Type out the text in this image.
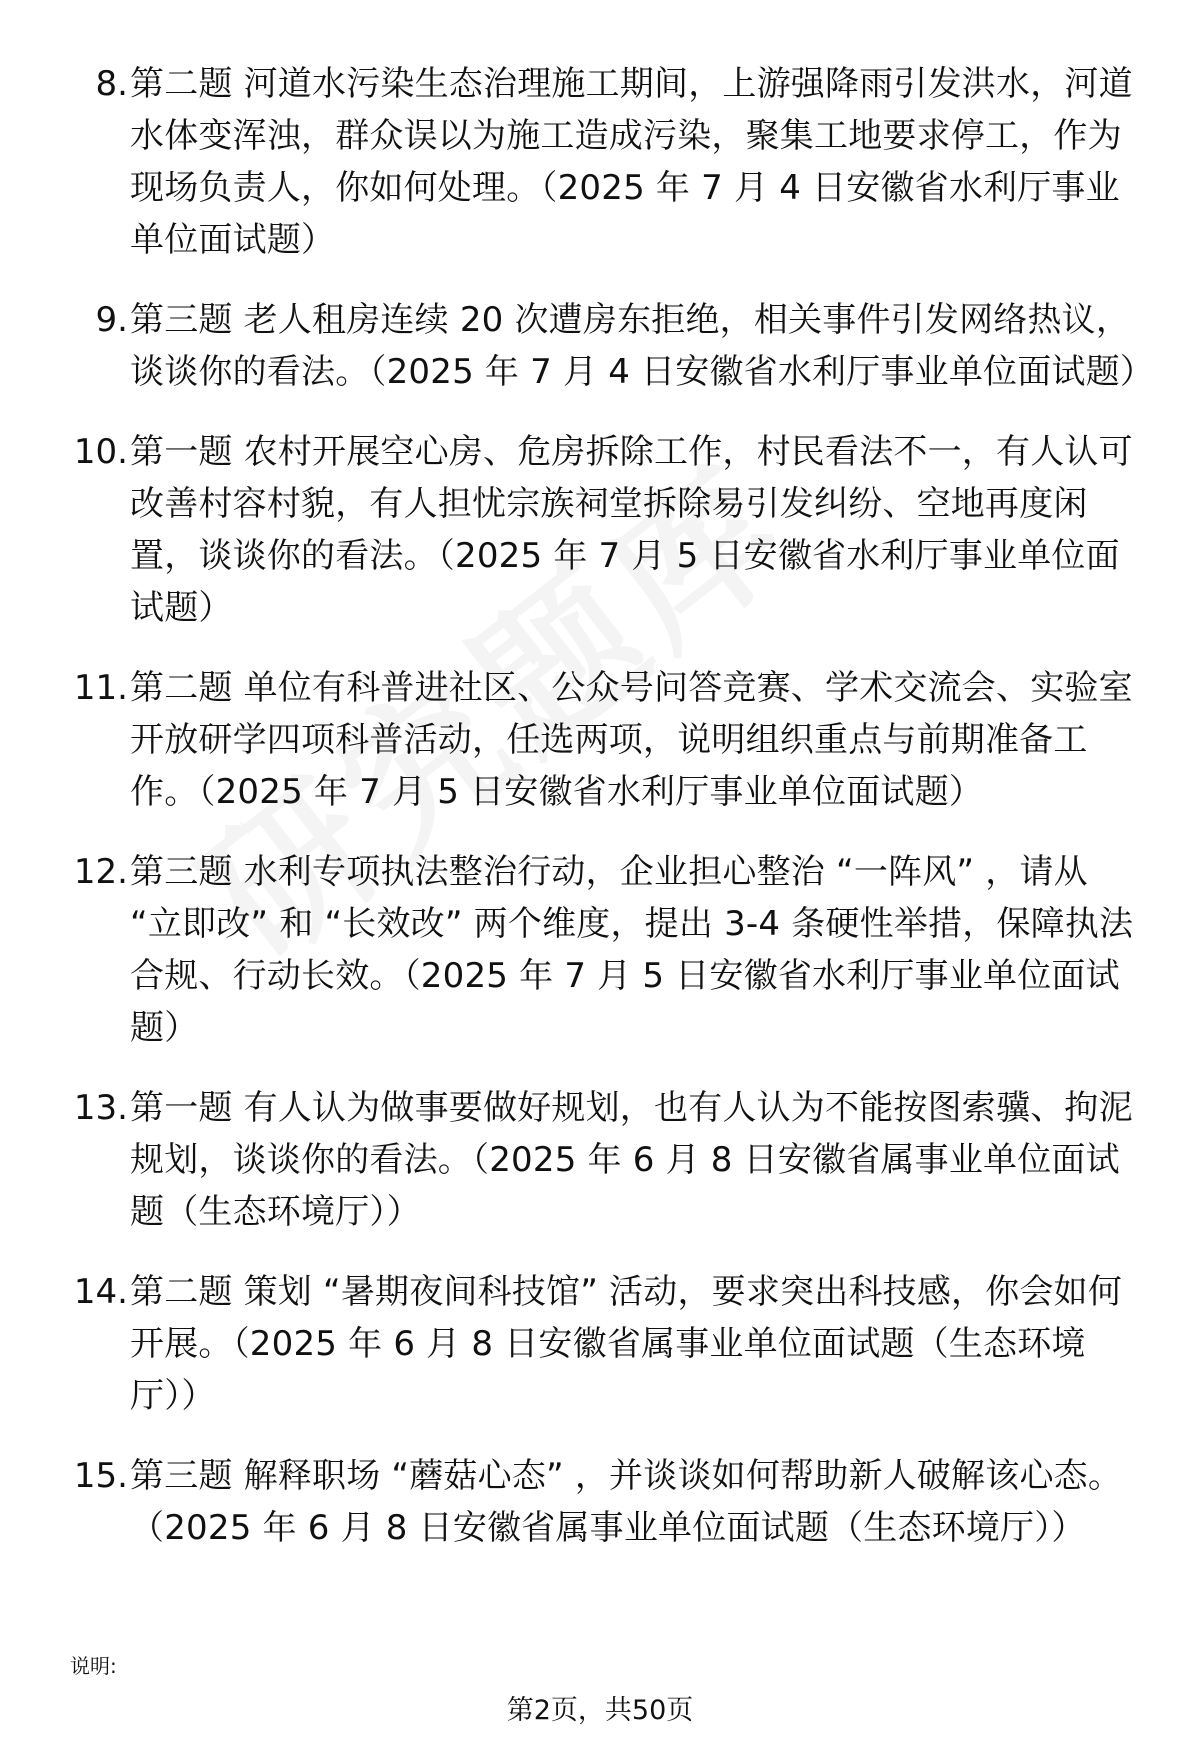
8. 第二题 河道水污染生态治理施工期间，上游强降雨引发洪水，河道水体变浑浊，群众误以为施工造成污染，聚集工地要求停工，作为现场负责人，你如何处理。（2025 年 7 月 4 日安徽省水利厅事业单位面试题）
9. 第三题 老人租房连续 20 次遭房东拒绝，相关事件引发网络热议，谈谈你的看法。（2025 年 7 月 4 日安徽省水利厅事业单位面试题）
10. 第一题 农村开展空心房、危房拆除工作，村民看法不一，有人认可改善村容村貌，有人担忧宗族祠堂拆除易引发纠纷、空地再度闲置，谈谈你的看法。（2025 年 7 月 5 日安徽省水利厅事业单位面试题）
11. 第二题 单位有科普进社区、公众号问答竞赛、学术交流会、实验室开放研学四项科普活动，任选两项，说明组织重点与前期准备工作。（2025 年 7 月 5 日安徽省水利厅事业单位面试题）
12. 第三题 水利专项执法整治行动，企业担心整治 “一阵风” ，请从 “立即改” 和 “长效改” 两个维度，提出 3-4 条硬性举措，保障执法合规、行动长效。（2025 年 7 月 5 日安徽省水利厅事业单位面试题）
13. 第一题 有人认为做事要做好规划，也有人认为不能按图索骥、拘泥规划，谈谈你的看法。（2025 年 6 月 8 日安徽省属事业单位面试题（生态环境厅））
14. 第二题 策划 “暑期夜间科技馆” 活动，要求突出科技感，你会如何开展。（2025 年 6 月 8 日安徽省属事业单位面试题（生态环境厅））
15. 第三题 解释职场 “蘑菇心态” ，并谈谈如何帮助新人破解该心态。（2025 年 6 月 8 日安徽省属事业单位面试题（生态环境厅））
说明:
第2页，共50页
